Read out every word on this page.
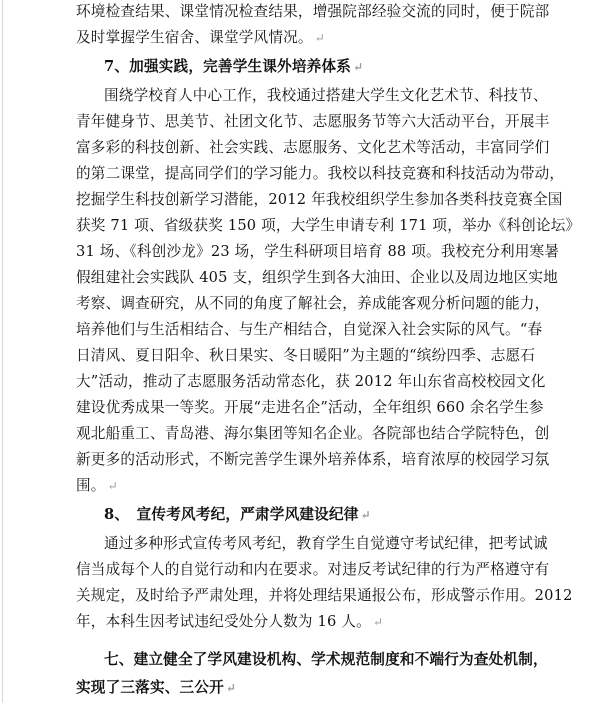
环境检查结果、课堂情况检查结果，增强院部经验交流的同时，便于院部
及时掌握学生宿舍、课堂学风情况。 ↵
7、加强实践，完善学生课外培养体系 ↵
围绕学校育人中心工作，我校通过搭建大学生文化艺术节、科技节、
青年健身节、思美节、社团文化节、志愿服务节等六大活动平台，开展丰
富多彩的科技创新、社会实践、志愿服务、文化艺术等活动，丰富同学们
的第二课堂，提高同学们的学习能力。我校以科技竞赛和科技活动为带动，
挖掘学生科技创新学习潜能，2012 年我校组织学生参加各类科技竞赛全国
获奖 71 项、省级获奖 150 项，大学生申请专利 171 项，举办《科创论坛》
31 场、《科创沙龙》23 场，学生科研项目培育 88 项。我校充分利用寒暑
假组建社会实践队 405 支，组织学生到各大油田、企业以及周边地区实地
考察、调查研究，从不同的角度了解社会，养成能客观分析问题的能力，
培养他们与生活相结合、与生产相结合，自觉深入社会实际的风气。“春
日清风、夏日阳伞、秋日果实、冬日暖阳”为主题的“缤纷四季、志愿石
大”活动，推动了志愿服务活动常态化，获 2012 年山东省高校校园文化
建设优秀成果一等奖。开展“走进名企”活动，全年组织 660 余名学生参
观北船重工、青岛港、海尔集团等知名企业。各院部也结合学院特色，创
新更多的活动形式，不断完善学生课外培养体系，培育浓厚的校园学习氛
围。 ↵
8、　宣传考风考纪，严肃学风建设纪律 ↵
通过多种形式宣传考风考纪，教育学生自觉遵守考试纪律，把考试诚
信当成每个人的自觉行动和内在要求。对违反考试纪律的行为严格遵守有
关规定，及时给予严肃处理，并将处理结果通报公布，形成警示作用。2012
年，本科生因考试违纪受处分人数为 16 人。 ↵
七、建立健全了学风建设机构、学术规范制度和不端行为查处机制，
实现了三落实、三公开 ↵
